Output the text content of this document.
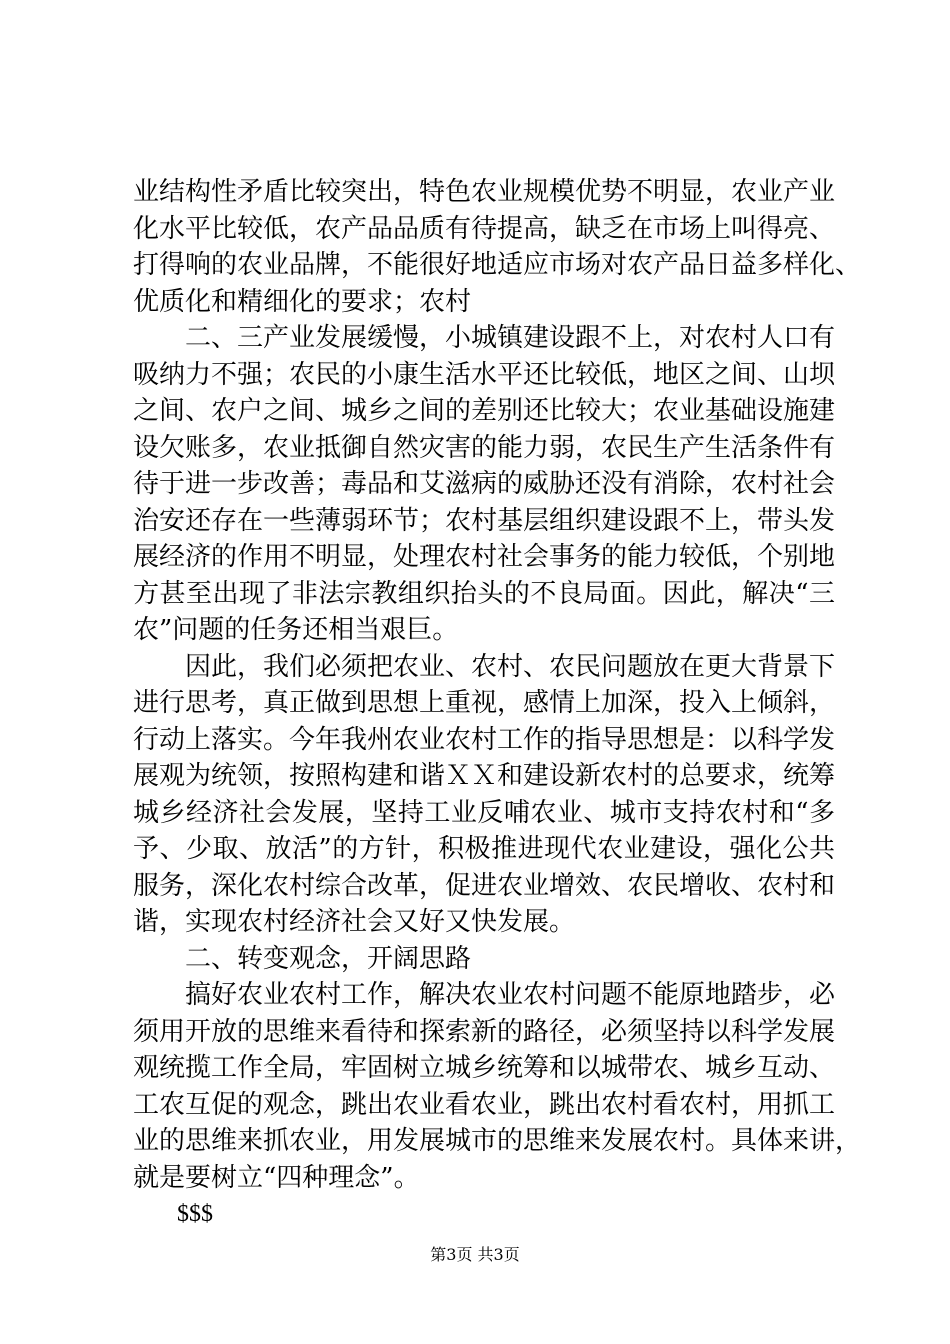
业结构性矛盾比较突出，特色农业规模优势不明显，农业产业
化水平比较低，农产品品质有待提高，缺乏在市场上叫得亮、
打得响的农业品牌，不能很好地适应市场对农产品日益多样化、
优质化和精细化的要求；农村
二、三产业发展缓慢，小城镇建设跟不上，对农村人口有
吸纳力不强；农民的小康生活水平还比较低，地区之间、山坝
之间、农户之间、城乡之间的差别还比较大；农业基础设施建
设欠账多，农业抵御自然灾害的能力弱，农民生产生活条件有
待于进一步改善；毒品和艾滋病的威胁还没有消除，农村社会
治安还存在一些薄弱环节；农村基层组织建设跟不上，带头发
展经济的作用不明显，处理农村社会事务的能力较低，个别地
方甚至出现了非法宗教组织抬头的不良局面。因此，解决“三
农”问题的任务还相当艰巨。
因此，我们必须把农业、农村、农民问题放在更大背景下
进行思考，真正做到思想上重视，感情上加深，投入上倾斜，
行动上落实。今年我州农业农村工作的指导思想是：以科学发
展观为统领，按照构建和谐ＸＸ和建设新农村的总要求，统筹
城乡经济社会发展，坚持工业反哺农业、城市支持农村和“多
予、少取、放活”的方针，积极推进现代农业建设，强化公共
服务，深化农村综合改革，促进农业增效、农民增收、农村和
谐，实现农村经济社会又好又快发展。
二、转变观念，开阔思路
搞好农业农村工作，解决农业农村问题不能原地踏步，必
须用开放的思维来看待和探索新的路径，必须坚持以科学发展
观统揽工作全局，牢固树立城乡统筹和以城带农、城乡互动、
工农互促的观念，跳出农业看农业，跳出农村看农村，用抓工
业的思维来抓农业，用发展城市的思维来发展农村。具体来讲，
就是要树立“四种理念”。
$$$
第3页 共3页
